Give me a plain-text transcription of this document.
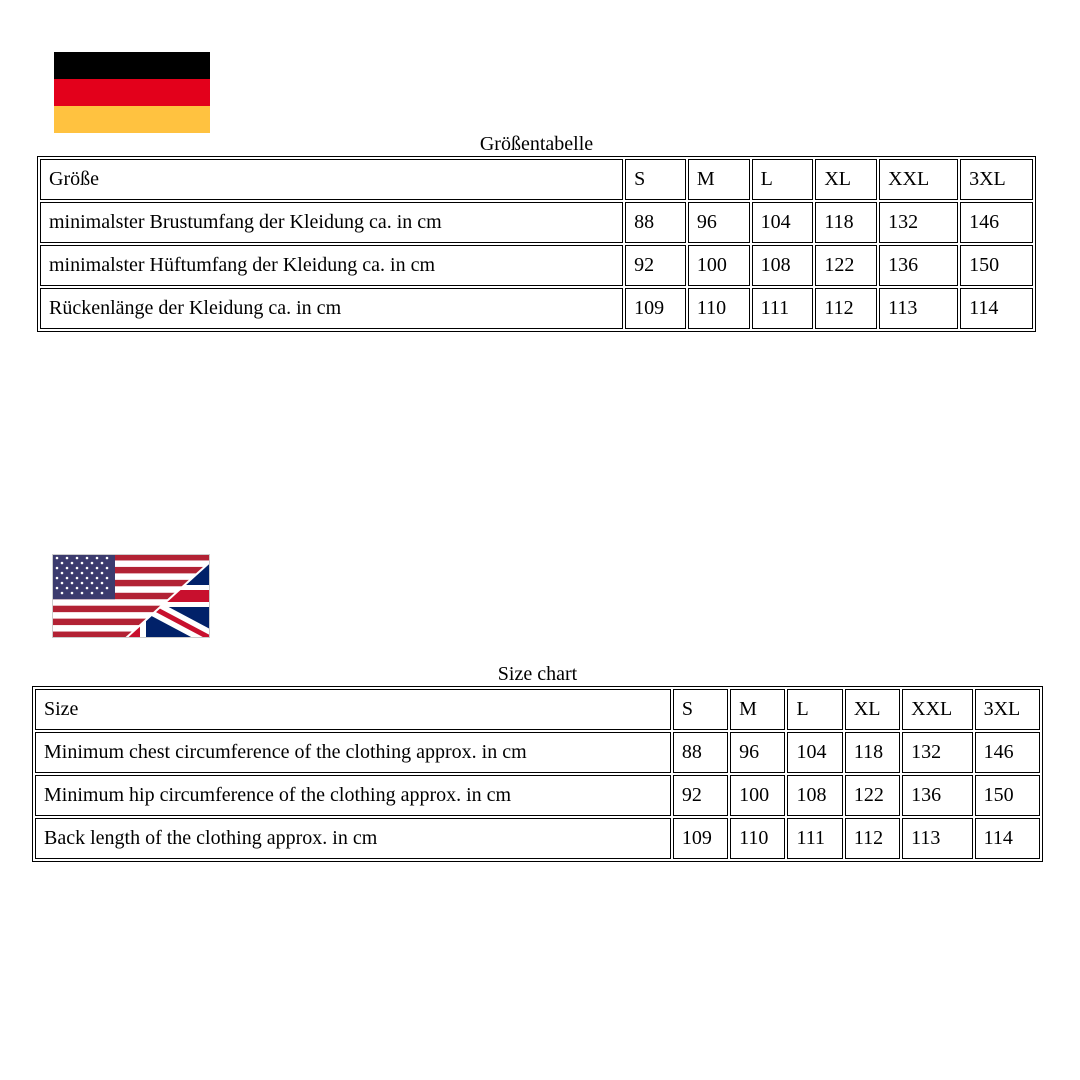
Größentabelle
Größe	S	M	L	XL	XXL	3XL
minimalster Brustumfang der Kleidung ca. in cm	88	96	104	118	132	146
minimalster Hüftumfang der Kleidung ca. in cm	92	100	108	122	136	150
Rückenlänge der Kleidung ca. in cm	109	110	111	112	113	114
Size chart
Size	S	M	L	XL	XXL	3XL
Minimum chest circumference of the clothing approx. in cm	88	96	104	118	132	146
Minimum hip circumference of the clothing approx. in cm	92	100	108	122	136	150
Back length of the clothing approx. in cm	109	110	111	112	113	114
